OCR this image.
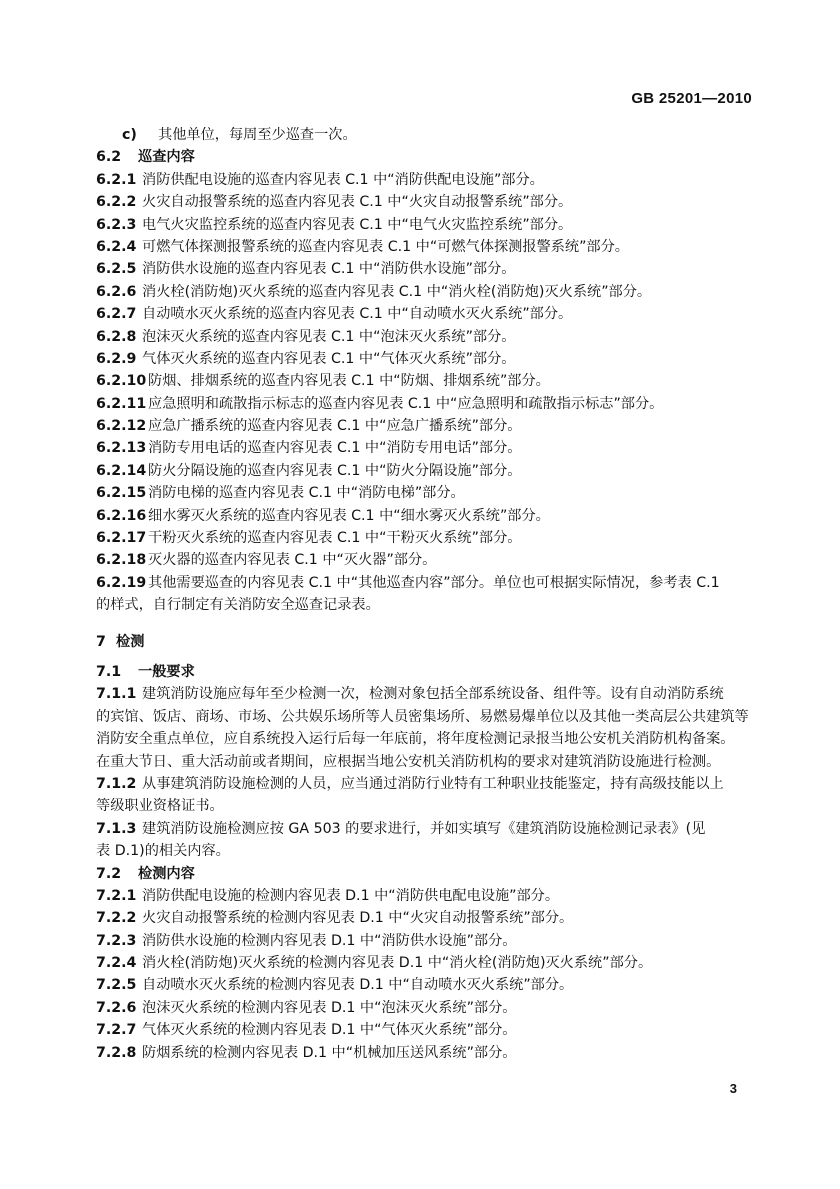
GB 25201—2010
c) 其他单位，每周至少巡查一次。
6.2 巡查内容
6.2.1 消防供配电设施的巡查内容见表 C.1 中“消防供配电设施”部分。
6.2.2 火灾自动报警系统的巡查内容见表 C.1 中“火灾自动报警系统”部分。
6.2.3 电气火灾监控系统的巡查内容见表 C.1 中“电气火灾监控系统”部分。
6.2.4 可燃气体探测报警系统的巡查内容见表 C.1 中“可燃气体探测报警系统”部分。
6.2.5 消防供水设施的巡查内容见表 C.1 中“消防供水设施”部分。
6.2.6 消火栓(消防炮)灭火系统的巡查内容见表 C.1 中“消火栓(消防炮)灭火系统”部分。
6.2.7 自动喷水灭火系统的巡查内容见表 C.1 中“自动喷水灭火系统”部分。
6.2.8 泡沫灭火系统的巡查内容见表 C.1 中“泡沫灭火系统”部分。
6.2.9 气体灭火系统的巡查内容见表 C.1 中“气体灭火系统”部分。
6.2.10 防烟、排烟系统的巡查内容见表 C.1 中“防烟、排烟系统”部分。
6.2.11 应急照明和疏散指示标志的巡查内容见表 C.1 中“应急照明和疏散指示标志”部分。
6.2.12 应急广播系统的巡查内容见表 C.1 中“应急广播系统”部分。
6.2.13 消防专用电话的巡查内容见表 C.1 中“消防专用电话”部分。
6.2.14 防火分隔设施的巡查内容见表 C.1 中“防火分隔设施”部分。
6.2.15 消防电梯的巡查内容见表 C.1 中“消防电梯”部分。
6.2.16 细水雾灭火系统的巡查内容见表 C.1 中“细水雾灭火系统”部分。
6.2.17 干粉灭火系统的巡查内容见表 C.1 中“干粉灭火系统”部分。
6.2.18 灭火器的巡查内容见表 C.1 中“灭火器”部分。
6.2.19 其他需要巡查的内容见表 C.1 中“其他巡查内容”部分。单位也可根据实际情况，参考表 C.1
的样式，自行制定有关消防安全巡查记录表。
7 检测
7.1 一般要求
7.1.1 建筑消防设施应每年至少检测一次，检测对象包括全部系统设备、组件等。设有自动消防系统
的宾馆、饭店、商场、市场、公共娱乐场所等人员密集场所、易燃易爆单位以及其他一类高层公共建筑等
消防安全重点单位，应自系统投入运行后每一年底前，将年度检测记录报当地公安机关消防机构备案。
在重大节日、重大活动前或者期间，应根据当地公安机关消防机构的要求对建筑消防设施进行检测。
7.1.2 从事建筑消防设施检测的人员，应当通过消防行业特有工种职业技能鉴定，持有高级技能以上
等级职业资格证书。
7.1.3 建筑消防设施检测应按 GA 503 的要求进行，并如实填写《建筑消防设施检测记录表》(见
表 D.1)的相关内容。
7.2 检测内容
7.2.1 消防供配电设施的检测内容见表 D.1 中“消防供电配电设施”部分。
7.2.2 火灾自动报警系统的检测内容见表 D.1 中“火灾自动报警系统”部分。
7.2.3 消防供水设施的检测内容见表 D.1 中“消防供水设施”部分。
7.2.4 消火栓(消防炮)灭火系统的检测内容见表 D.1 中“消火栓(消防炮)灭火系统”部分。
7.2.5 自动喷水灭火系统的检测内容见表 D.1 中“自动喷水灭火系统”部分。
7.2.6 泡沫灭火系统的检测内容见表 D.1 中“泡沫灭火系统”部分。
7.2.7 气体灭火系统的检测内容见表 D.1 中“气体灭火系统”部分。
7.2.8 防烟系统的检测内容见表 D.1 中“机械加压送风系统”部分。
3
